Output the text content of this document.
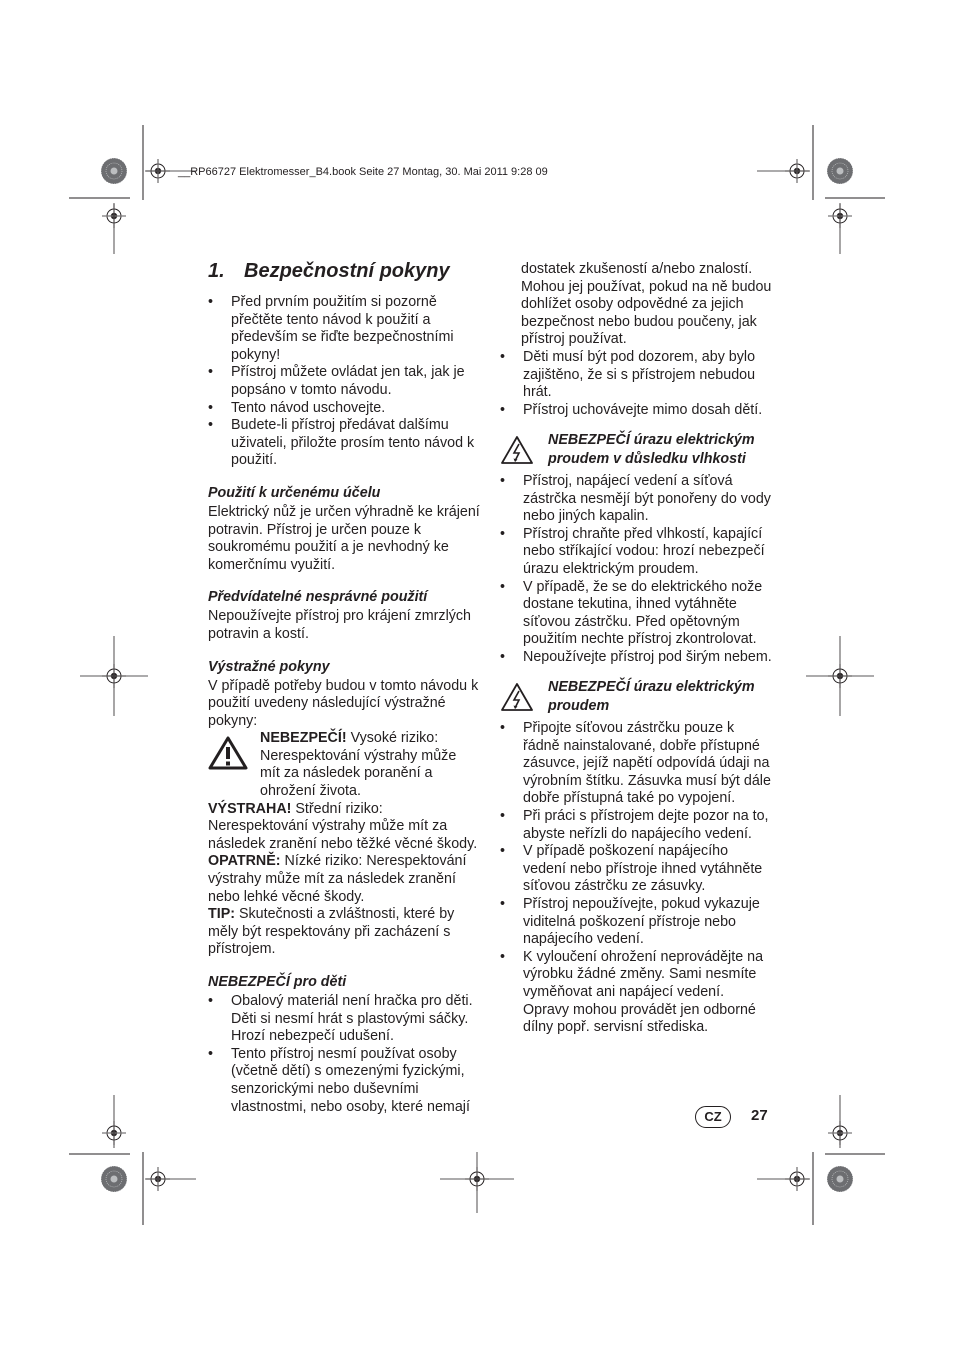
__RP66727 Elektromesser_B4.book Seite 27 Montag, 30. Mai 2011 9:28 09
1. Bezpečnostní pokyny
• Před prvním použitím si pozorně přečtěte tento návod k použití a především se řiďte bezpečnostními pokyny!
• Přístroj můžete ovládat jen tak, jak je popsáno v tomto návodu.
• Tento návod uschovejte.
• Budete-li přístroj předávat dalšímu uživateli, přiložte prosím tento návod k použití.
Použití k určenému účelu

Elektrický nůž je určen výhradně ke krájení potravin. Přístroj je určen pouze k soukromému použití a je nevhodný ke komerčnímu využití.

Předvídatelné nesprávné použití

Nepoužívejte přístroj pro krájení zmrzlých potravin a kostí.

Výstražné pokyny

V případě potřeby budou v tomto návodu k použití uvedeny následující výstražné pokyny:

NEBEZPEČÍ! Vysoké riziko: Nerespektování výstrahy může mít za následek poranění a ohrožení života.

VÝSTRAHA! Střední riziko: Nerespektování výstrahy může mít za následek zranění nebo těžké věcné škody.

OPATRNĚ: Nízké riziko: Nerespektování výstrahy může mít za následek zranění nebo lehké věcné škody.

TIP: Skutečnosti a zvláštnosti, které by měly být respektovány při zacházení s přístrojem.

NEBEZPEČÍ pro děti
• Obalový materiál není hračka pro děti. Děti si nesmí hrát s plastovými sáčky. Hrozí nebezpečí udušení.
• Tento přístroj nesmí používat osoby (včetně dětí) s omezenými fyzickými, senzorickými nebo duševními vlastnostmi, nebo osoby, které nemají

dostatek zkušeností a/nebo znalostí. Mohou jej používat, pokud na ně budou dohlížet osoby odpovědné za jejich bezpečnost nebo budou poučeny, jak přístroj používat.

• Děti musí být pod dozorem, aby bylo zajištěno, že si s přístrojem nebudou hrát.
• Přístroj uchovávejte mimo dosah dětí.
NEBEZPEČÍ úrazu elektrickým proudem v důsledku vlhkosti
• Přístroj, napájecí vedení a síťová zástrčka nesmějí být ponořeny do vody nebo jiných kapalin.
• Přístroj chraňte před vlhkostí, kapající nebo stříkající vodou: hrozí nebezpečí úrazu elektrickým proudem.
• V případě, že se do elektrického nože dostane tekutina, ihned vytáhněte síťovou zástrčku. Před opětovným použitím nechte přístroj zkontrolovat.
• Nepoužívejte přístroj pod širým nebem.
NEBEZPEČÍ úrazu elektrickým proudem
• Připojte síťovou zástrčku pouze k řádně nainstalované, dobře přístupné zásuvce, jejíž napětí odpovídá údaji na výrobním štítku. Zásuvka musí být dále dobře přístupná také po vypojení.
• Při práci s přístrojem dejte pozor na to, abyste neřízli do napájecího vedení.
• V případě poškození napájecího vedení nebo přístroje ihned vytáhněte síťovou zástrčku ze zásuvky.
• Přístroj nepoužívejte, pokud vykazuje viditelná poškození přístroje nebo napájecího vedení.
• K vyloučení ohrožení neprovádějte na výrobku žádné změny. Sami nesmíte vyměňovat ani napájecí vedení. Opravy mohou provádět jen odborné dílny popř. servisní střediska.
CZ	27
